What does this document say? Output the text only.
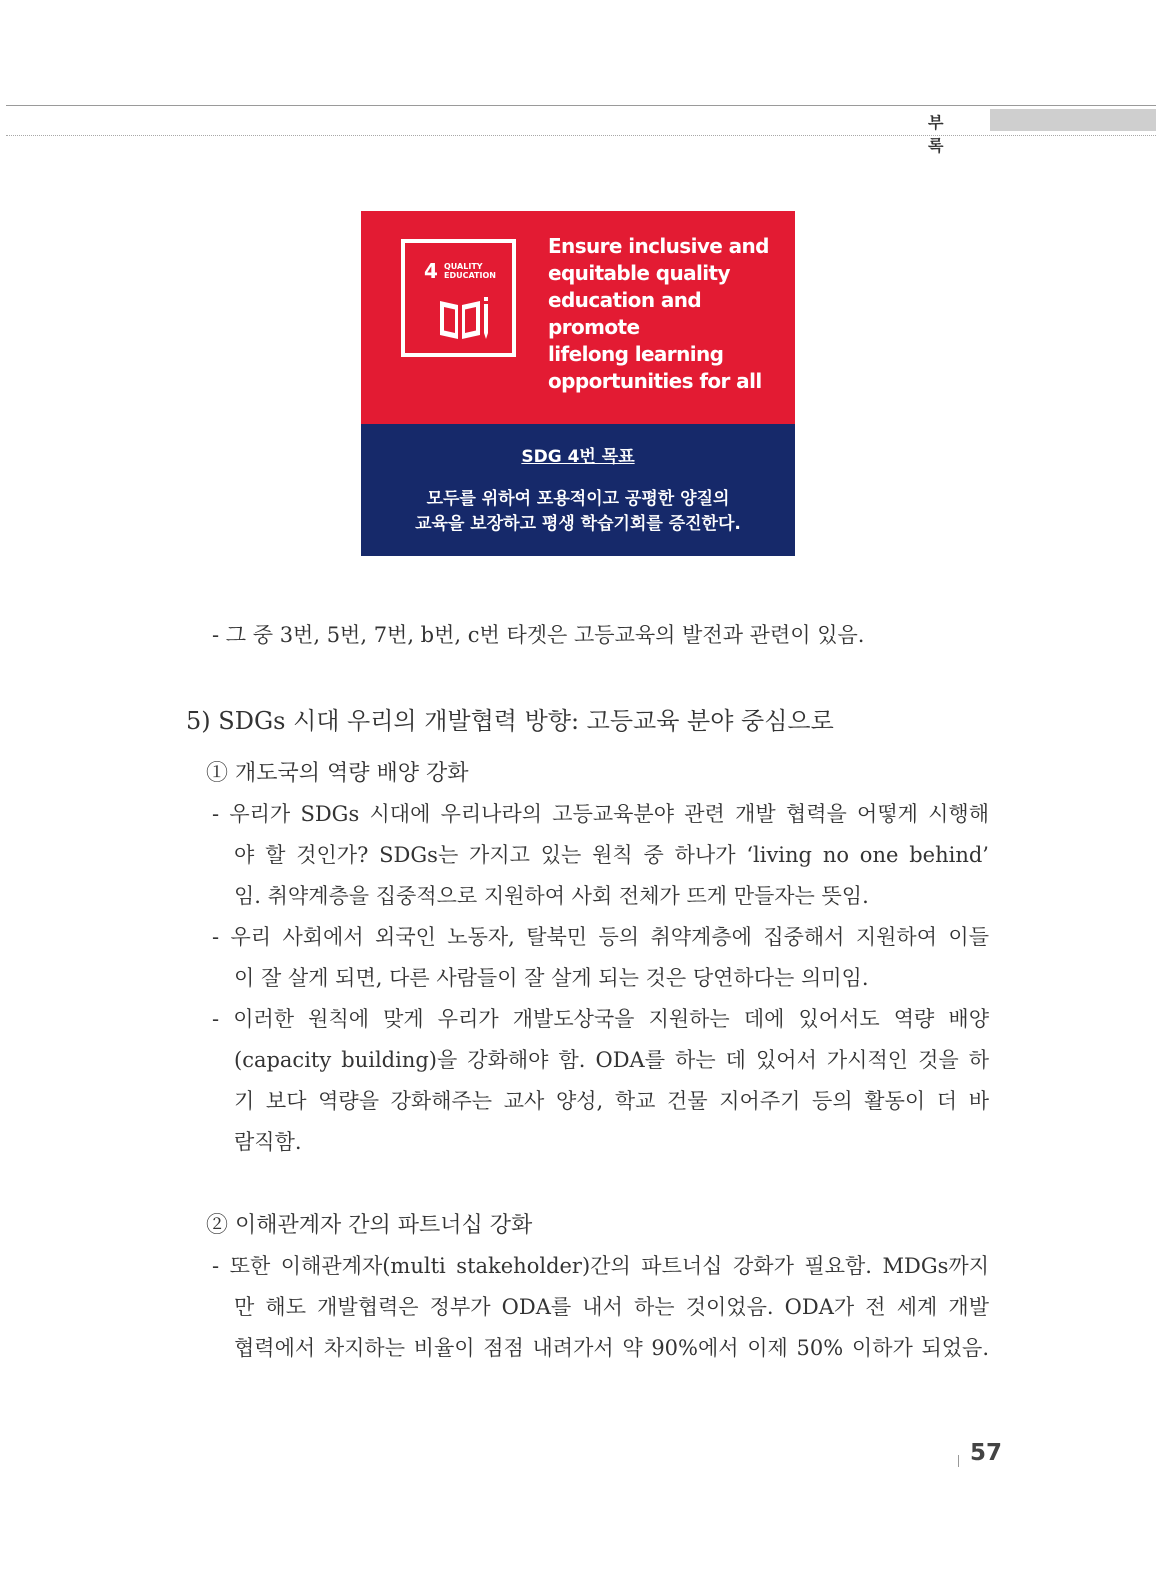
부 록
4 QUALITY
EDUCATION
Ensure inclusive and
equitable quality
education and promote
lifelong learning
opportunities for all
SDG 4번 목표
모두를 위하여 포용적이고 공평한 양질의
교육을 보장하고 평생 학습기회를 증진한다.
- 그 중 3번, 5번, 7번, b번, c번 타겟은 고등교육의 발전과 관련이 있음.
5) SDGs 시대 우리의 개발협력 방향: 고등교육 분야 중심으로
① 개도국의 역량 배양 강화
- 우리가 SDGs 시대에 우리나라의 고등교육분야 관련 개발 협력을 어떻게 시행해
야 할 것인가? SDGs는 가지고 있는 원칙 중 하나가 ‘living no one behind’
임. 취약계층을 집중적으로 지원하여 사회 전체가 뜨게 만들자는 뜻임.
- 우리 사회에서 외국인 노동자, 탈북민 등의 취약계층에 집중해서 지원하여 이들
이 잘 살게 되면, 다른 사람들이 잘 살게 되는 것은 당연하다는 의미임.
- 이러한 원칙에 맞게 우리가 개발도상국을 지원하는 데에 있어서도 역량 배양
(capacity building)을 강화해야 함. ODA를 하는 데 있어서 가시적인 것을 하
기 보다 역량을 강화해주는 교사 양성, 학교 건물 지어주기 등의 활동이 더 바
람직함.
② 이해관계자 간의 파트너십 강화
- 또한 이해관계자(multi stakeholder)간의 파트너십 강화가 필요함. MDGs까지
만 해도 개발협력은 정부가 ODA를 내서 하는 것이었음. ODA가 전 세계 개발
협력에서 차지하는 비율이 점점 내려가서 약 90%에서 이제 50% 이하가 되었음.
57
